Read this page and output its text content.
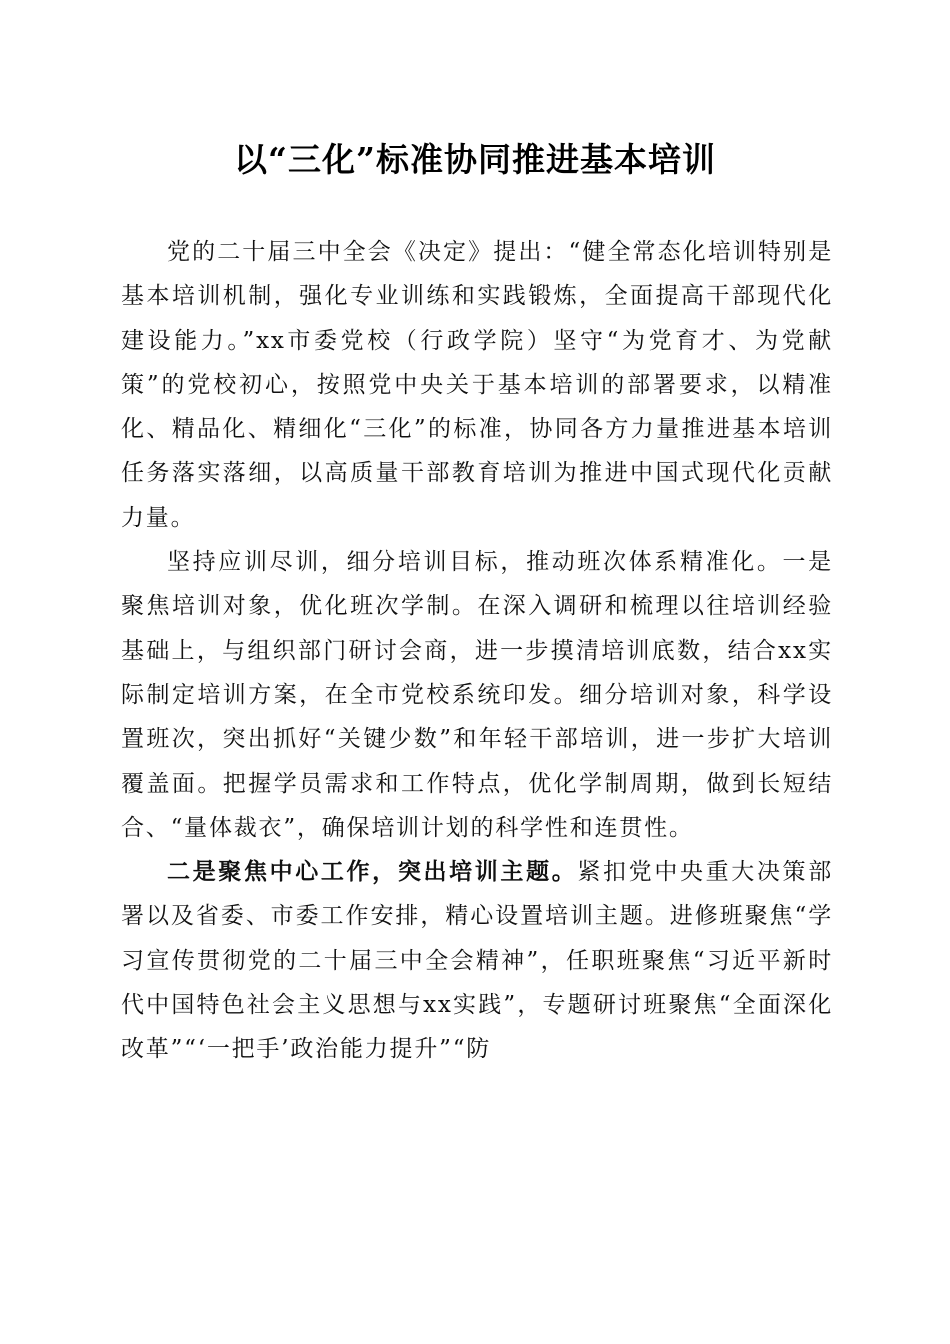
以“三化”标准协同推进基本培训

党的二十届三中全会《决定》提出：“健全常态化培训特别是基本培训机制，强化专业训练和实践锻炼，全面提高干部现代化建设能力。”xx市委党校（行政学院）坚守“为党育才、为党献策”的党校初心，按照党中央关于基本培训的部署要求，以精准化、精品化、精细化“三化”的标准，协同各方力量推进基本培训任务落实落细，以高质量干部教育培训为推进中国式现代化贡献力量。

坚持应训尽训，细分培训目标，推动班次体系精准化。一是聚焦培训对象，优化班次学制。在深入调研和梳理以往培训经验基础上，与组织部门研讨会商，进一步摸清培训底数，结合xx实际制定培训方案，在全市党校系统印发。细分培训对象，科学设置班次，突出抓好“关键少数”和年轻干部培训，进一步扩大培训覆盖面。把握学员需求和工作特点，优化学制周期，做到长短结合、“量体裁衣”，确保培训计划的科学性和连贯性。

二是聚焦中心工作，突出培训主题。紧扣党中央重大决策部署以及省委、市委工作安排，精心设置培训主题。进修班聚焦“学习宣传贯彻党的二十届三中全会精神”，任职班聚焦“习近平新时代中国特色社会主义思想与xx实践”，专题研讨班聚焦“全面深化改革”“‘一把手’政治能力提升”“防
